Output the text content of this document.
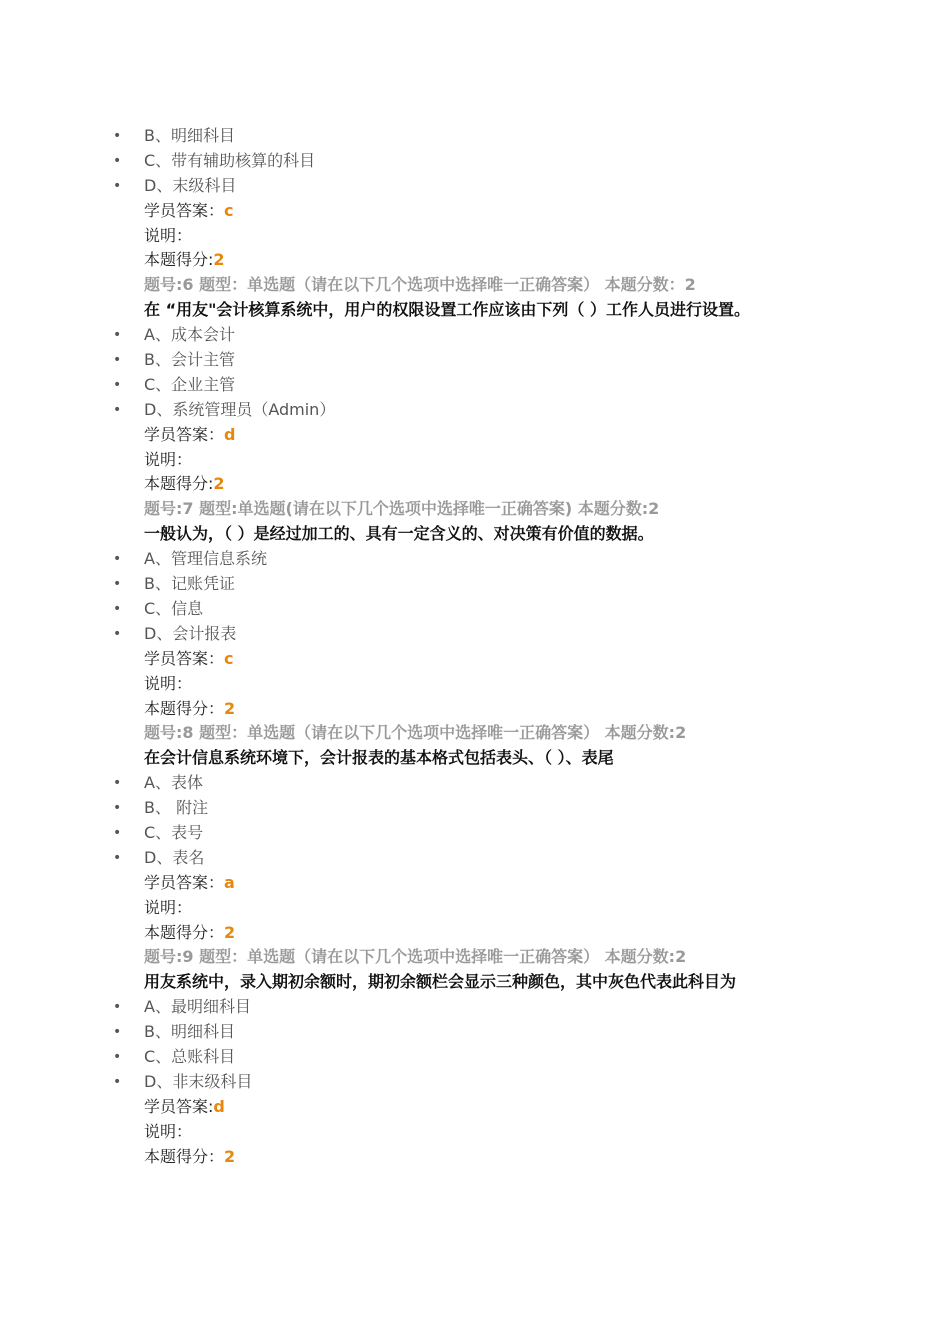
• B、明细科目
• C、带有辅助核算的科目
• D、末级科目
学员答案：c
说明：
本题得分:2
题号:6 题型：单选题（请在以下几个选项中选择唯一正确答案） 本题分数：2
在 “用友"会计核算系统中，用户的权限设置工作应该由下列（ ）工作人员进行设置。
• A、成本会计
• B、会计主管
• C、企业主管
• D、系统管理员（Admin）
学员答案：d
说明：
本题得分:2
题号:7 题型:单选题(请在以下几个选项中选择唯一正确答案) 本题分数:2
一般认为，（ ）是经过加工的、具有一定含义的、对决策有价值的数据。
• A、管理信息系统
• B、记账凭证
• C、信息
• D、会计报表
学员答案：c
说明：
本题得分：2
题号:8 题型：单选题（请在以下几个选项中选择唯一正确答案） 本题分数:2
在会计信息系统环境下，会计报表的基本格式包括表头、（ ）、表尾
• A、表体
• B、 附注
• C、表号
• D、表名
学员答案：a
说明：
本题得分：2
题号:9 题型：单选题（请在以下几个选项中选择唯一正确答案） 本题分数:2
用友系统中，录入期初余额时，期初余额栏会显示三种颜色，其中灰色代表此科目为
• A、最明细科目
• B、明细科目
• C、总账科目
• D、非末级科目
学员答案:d
说明：
本题得分：2
